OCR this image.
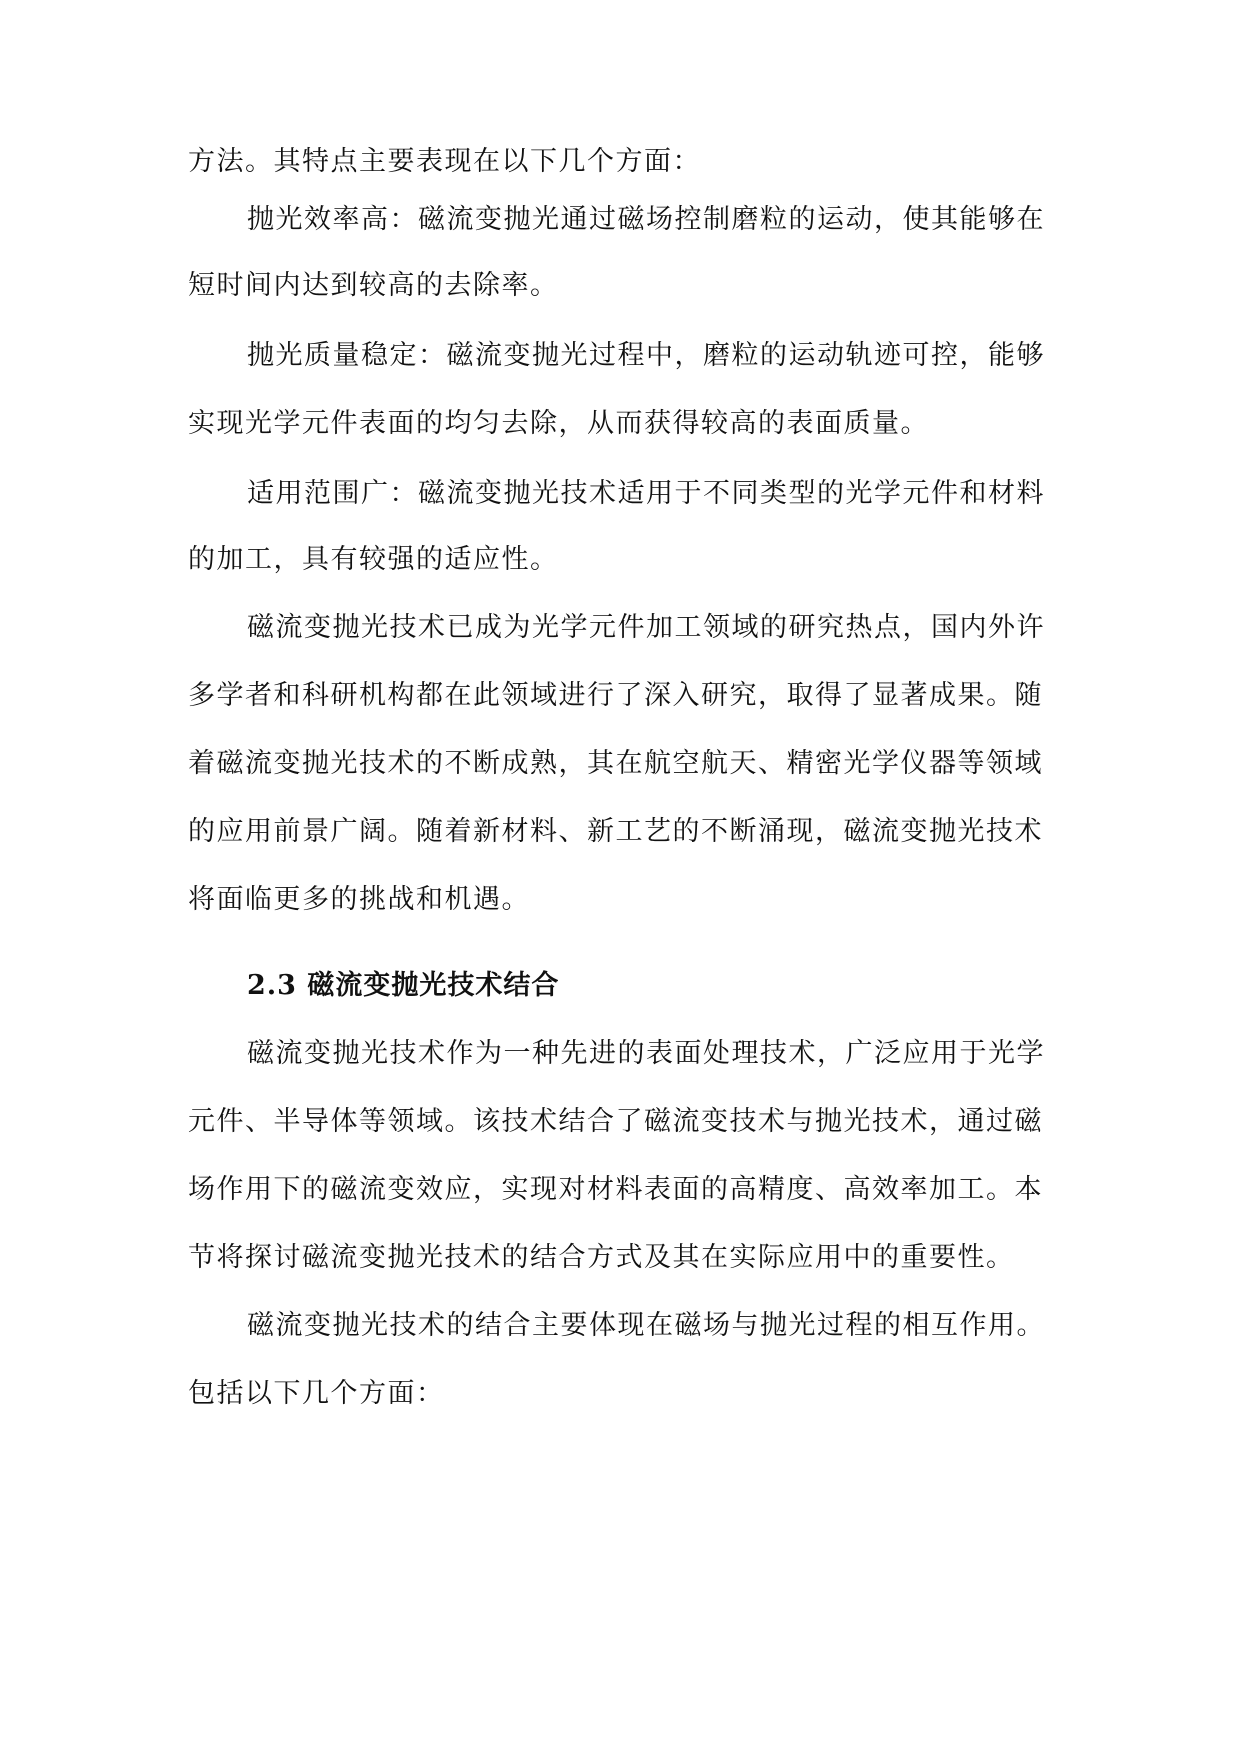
方法。其特点主要表现在以下几个方面：
抛光效率高：磁流变抛光通过磁场控制磨粒的运动，使其能够在
短时间内达到较高的去除率。
抛光质量稳定：磁流变抛光过程中，磨粒的运动轨迹可控，能够
实现光学元件表面的均匀去除，从而获得较高的表面质量。
适用范围广：磁流变抛光技术适用于不同类型的光学元件和材料
的加工，具有较强的适应性。
磁流变抛光技术已成为光学元件加工领域的研究热点，国内外许
多学者和科研机构都在此领域进行了深入研究，取得了显著成果。随
着磁流变抛光技术的不断成熟，其在航空航天、精密光学仪器等领域
的应用前景广阔。随着新材料、新工艺的不断涌现，磁流变抛光技术
将面临更多的挑战和机遇。
2.3 磁流变抛光技术结合
磁流变抛光技术作为一种先进的表面处理技术，广泛应用于光学
元件、半导体等领域。该技术结合了磁流变技术与抛光技术，通过磁
场作用下的磁流变效应，实现对材料表面的高精度、高效率加工。本
节将探讨磁流变抛光技术的结合方式及其在实际应用中的重要性。
磁流变抛光技术的结合主要体现在磁场与抛光过程的相互作用。
包括以下几个方面：
